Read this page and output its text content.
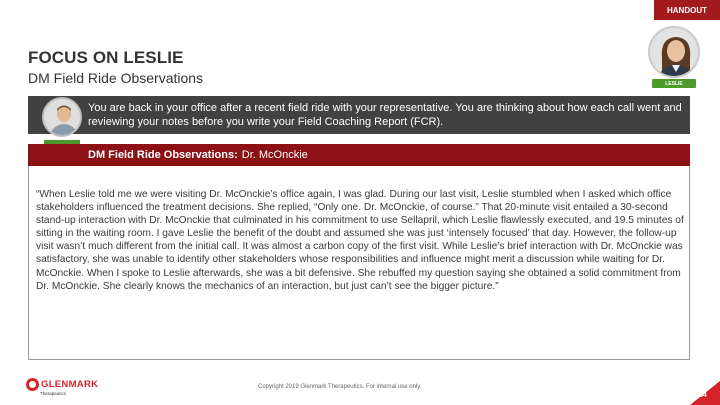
HANDOUT
FOCUS ON LESLIE
DM Field Ride Observations	LESLIE
You are back in your office after a recent field ride with your representative. You are thinking about how each call went and reviewing your notes before you write your Field Coaching Report (FCR).
DM Field Ride Observations: Dr. McOnckie
“When Leslie told me we were visiting Dr. McOnckie’s office again, I was glad. During our last visit, Leslie stumbled when I asked which office stakeholders influenced the treatment decisions. She replied, “Only one. Dr. McOnckie, of course.” That 20-minute visit entailed a 30-second stand-up interaction with Dr. McOnckie that culminated in his commitment to use Sellapril, which Leslie flawlessly executed, and 19.5 minutes of sitting in the waiting room. I gave Leslie the benefit of the doubt and assumed she was just ‘intensely focused’ that day. However, the follow-up visit wasn’t much different from the initial call. It was almost a carbon copy of the first visit. While Leslie’s brief interaction with Dr. McOnckie was satisfactory, she was unable to identify other stakeholders whose responsibilities and influence might merit a discussion while waiting for Dr. McOnckie. When I spoke to Leslie afterwards, she was a bit defensive. She rebuffed my question saying she obtained a solid commitment from Dr. McOnckie. She clearly knows the mechanics of an interaction, but just can’t see the bigger picture.”
GLENMARK
Therapeutics
Copyright 2019 Glenmark Therapeutics. For internal use only.
54
